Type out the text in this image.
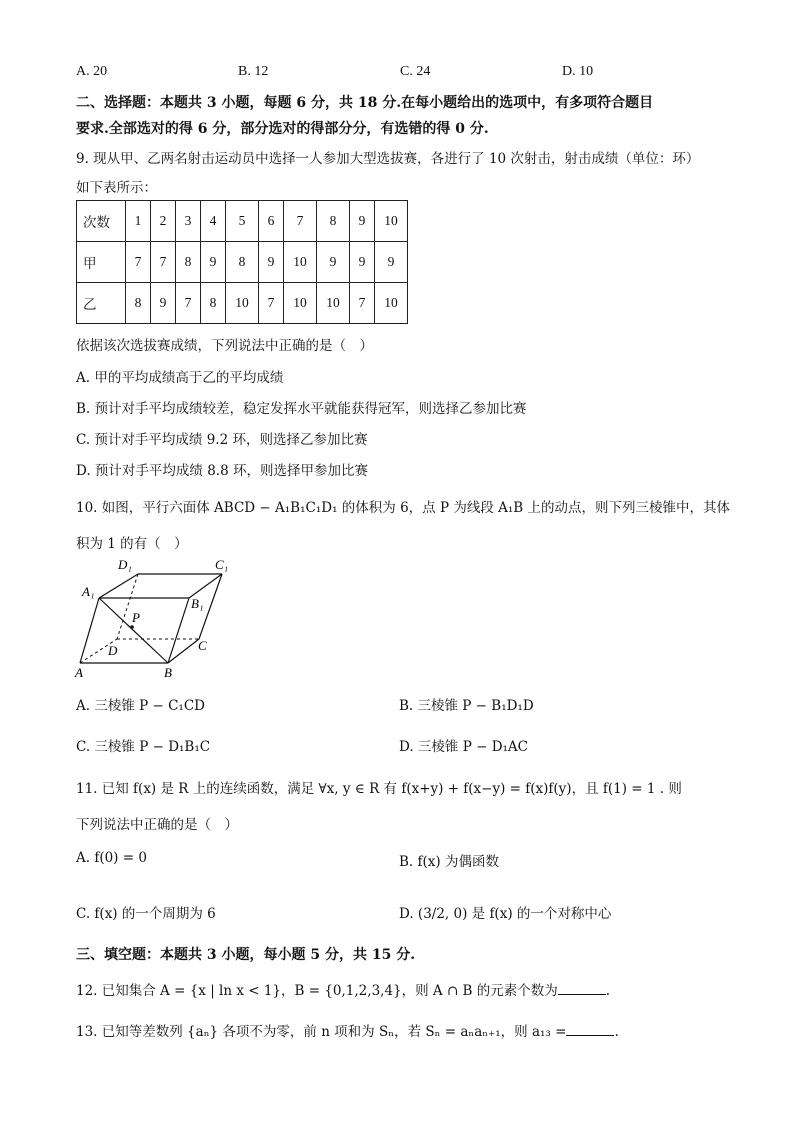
A. 20	B. 12	C. 24	D. 10
二、选择题：本题共 3 小题，每题 6 分，共 18 分.在每小题给出的选项中，有多项符合题目
要求.全部选对的得 6 分，部分选对的得部分分，有选错的得 0 分.
9. 现从甲、乙两名射击运动员中选择一人参加大型选拔赛，各进行了 10 次射击，射击成绩（单位：环）
如下表所示：
次数	1	2	3	4	5	6	7	8	9	10
甲	7	7	8	9	8	9	10	9	9	9
乙	8	9	7	8	10	7	10	10	7	10
依据该次选拔赛成绩，下列说法中正确的是（　）
A. 甲的平均成绩高于乙的平均成绩
B. 预计对手平均成绩较差，稳定发挥水平就能获得冠军，则选择乙参加比赛
C. 预计对手平均成绩 9.2 环，则选择乙参加比赛
D. 预计对手平均成绩 8.8 环，则选择甲参加比赛
10. 如图，平行六面体 ABCD − A₁B₁C₁D₁ 的体积为 6，点 P 为线段 A₁B 上的动点，则下列三棱锥中，其体
积为 1 的有（　）
D₁	C₁
A₁
B₁
P
C
D
A	B
A. 三棱锥 P − C₁CD	B. 三棱锥 P − B₁D₁D
C. 三棱锥 P − D₁B₁C	D. 三棱锥 P − D₁AC
11. 已知 f(x) 是 R 上的连续函数，满足 ∀x, y ∈ R 有 f(x+y) + f(x−y) = f(x)f(y)，且 f(1) = 1 . 则
下列说法中正确的是（　）
A. f(0) = 0	B. f(x) 为偶函数
C. f(x) 的一个周期为 6	D. (3/2, 0) 是 f(x) 的一个对称中心
三、填空题：本题共 3 小题，每小题 5 分，共 15 分.
12. 已知集合 A = {x | ln x < 1}，B = {0,1,2,3,4}，则 A ∩ B 的元素个数为	.
13. 已知等差数列 {aₙ} 各项不为零，前 n 项和为 Sₙ，若 Sₙ = aₙaₙ₊₁，则 a₁₃ =	.
